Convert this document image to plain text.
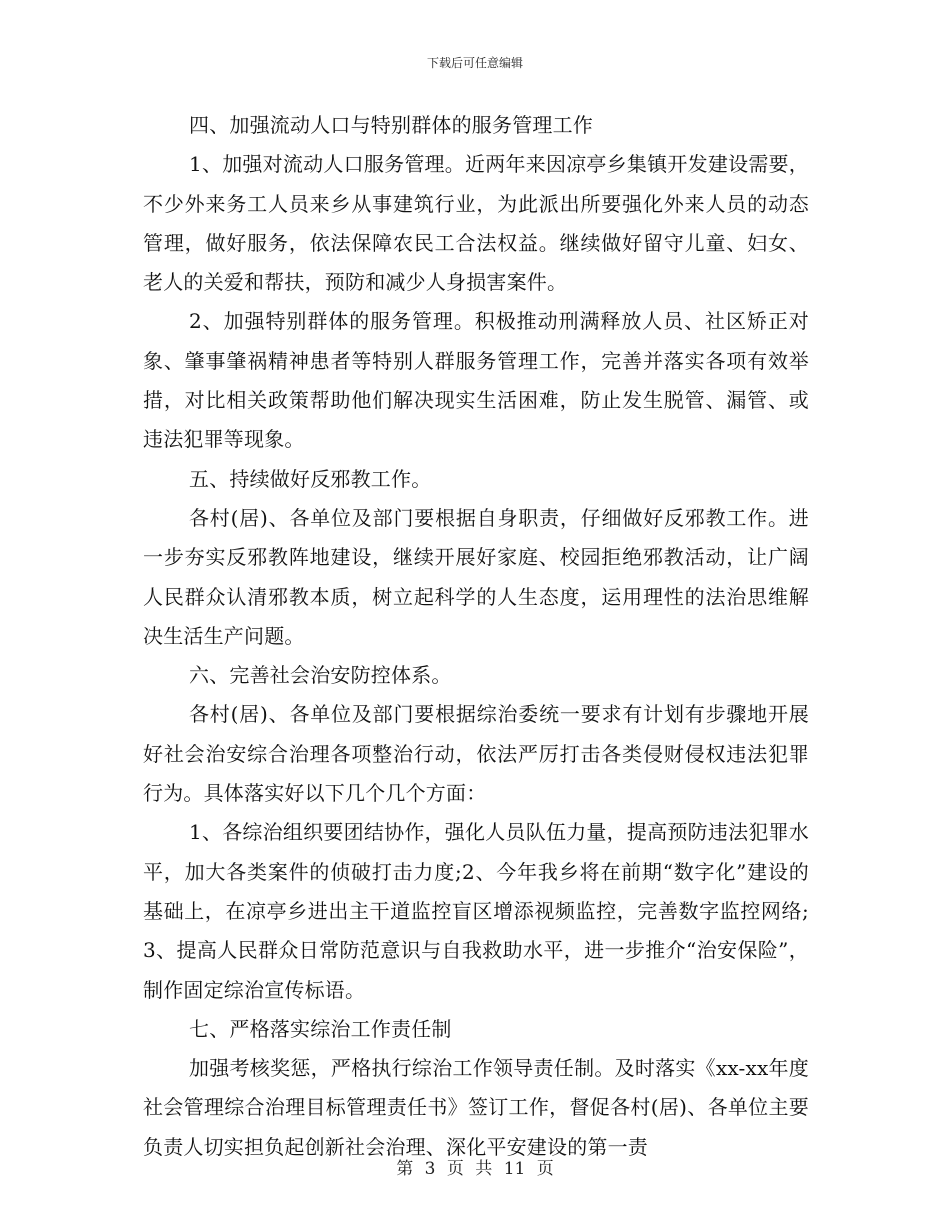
下载后可任意编辑

四、加强流动人口与特别群体的服务管理工作

1、加强对流动人口服务管理。近两年来因凉亭乡集镇开发建设需要，不少外来务工人员来乡从事建筑行业，为此派出所要强化外来人员的动态管理，做好服务，依法保障农民工合法权益。继续做好留守儿童、妇女、老人的关爱和帮扶，预防和减少人身损害案件。

2、加强特别群体的服务管理。积极推动刑满释放人员、社区矫正对象、肇事肇祸精神患者等特别人群服务管理工作，完善并落实各项有效举措，对比相关政策帮助他们解决现实生活困难，防止发生脱管、漏管、或违法犯罪等现象。

五、持续做好反邪教工作。

各村(居)、各单位及部门要根据自身职责，仔细做好反邪教工作。进一步夯实反邪教阵地建设，继续开展好家庭、校园拒绝邪教活动，让广阔人民群众认清邪教本质，树立起科学的人生态度，运用理性的法治思维解决生活生产问题。

六、完善社会治安防控体系。

各村(居)、各单位及部门要根据综治委统一要求有计划有步骤地开展好社会治安综合治理各项整治行动，依法严厉打击各类侵财侵权违法犯罪行为。具体落实好以下几个几个方面：

1、各综治组织要团结协作，强化人员队伍力量，提高预防违法犯罪水平，加大各类案件的侦破打击力度;2、今年我乡将在前期“数字化”建设的基础上，在凉亭乡进出主干道监控盲区增添视频监控，完善数字监控网络;3、提高人民群众日常防范意识与自我救助水平，进一步推介“治安保险”，制作固定综治宣传标语。

七、严格落实综治工作责任制

加强考核奖惩，严格执行综治工作领导责任制。及时落实《xx-xx年度社会管理综合治理目标管理责任书》签订工作，督促各村(居)、各单位主要负责人切实担负起创新社会治理、深化平安建设的第一责

第 3 页 共 11 页
